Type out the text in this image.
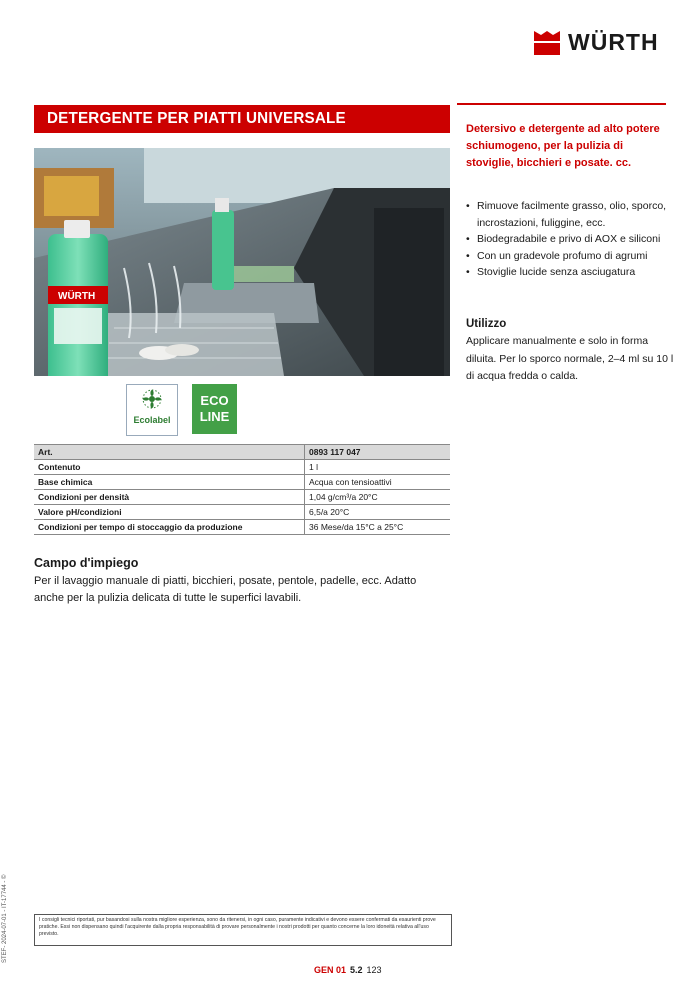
WÜRTH
DETERGENTE PER PIATTI UNIVERSALE
WÜRTH
Ecolabel
ECO
LINE
Art.	0893 117 047
Contenuto	1 l
Base chimica	Acqua con tensioattivi
Condizioni per densità	1,04 g/cm³/a 20°C
Valore pH/condizioni	6,5/a 20°C
Condizioni per tempo di stoccaggio da produzione	36 Mese/da 15°C a 25°C
Campo d'impiego
Per il lavaggio manuale di piatti, bicchieri, posate, pentole, padelle, ecc. Adatto anche per la pulizia delicata di tutte le superfici lavabili.
Detersivo e detergente ad alto potere schiumogeno, per la pulizia di stoviglie, bicchieri e posate. cc.
• Rimuove facilmente grasso, olio, sporco, incrostazioni, fuliggine, ecc.
• Biodegradabile e privo di AOX e siliconi
• Con un gradevole profumo di agrumi
• Stoviglie lucide senza asciugatura
Utilizzo
Applicare manualmente e solo in forma diluita. Per lo sporco normale, 2–4 ml su 10 l di acqua fredda o calda.
STEF- 2024-07-01 - IT-17744 - ©	I consigli tecnici riportati, pur basandosi sulla nostra migliore esperienza, sono da ritenersi, in ogni caso, puramente indicativi e devono essere confermati da esaurienti prove pratiche. Essi non dispensano quindi l'acquirente dalla propria responsabilità di provare personalmente i nostri prodotti per quanto concerne la loro idoneità relativa all'uso previsto.
GEN 01 5.2 123
